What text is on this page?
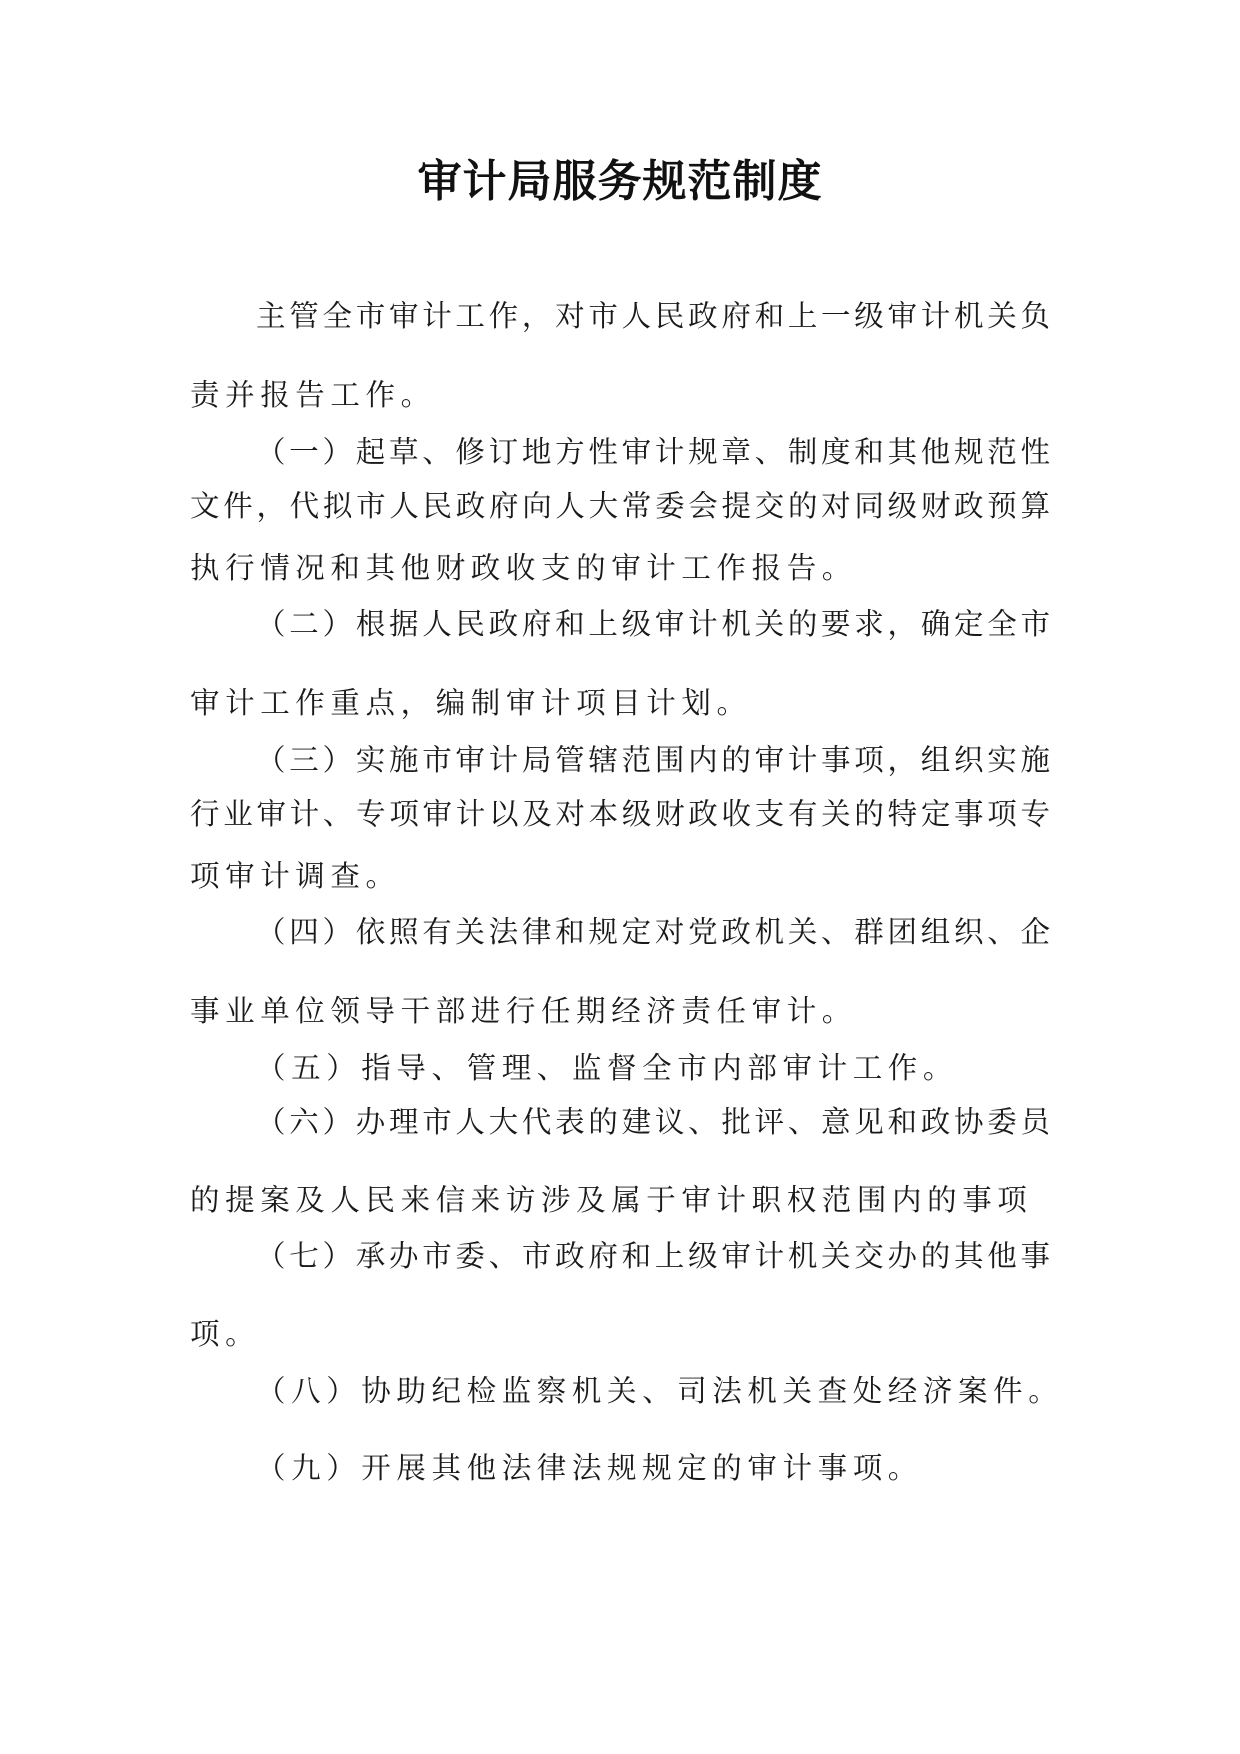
审计局服务规范制度
主管全市审计工作，对市人民政府和上一级审计机关负
责并报告工作。
（一）起草、修订地方性审计规章、制度和其他规范性
文件，代拟市人民政府向人大常委会提交的对同级财政预算
执行情况和其他财政收支的审计工作报告。
（二）根据人民政府和上级审计机关的要求，确定全市
审计工作重点，编制审计项目计划。
（三）实施市审计局管辖范围内的审计事项，组织实施
行业审计、专项审计以及对本级财政收支有关的特定事项专
项审计调查。
（四）依照有关法律和规定对党政机关、群团组织、企
事业单位领导干部进行任期经济责任审计。
（五）指导、管理、监督全市内部审计工作。
（六）办理市人大代表的建议、批评、意见和政协委员
的提案及人民来信来访涉及属于审计职权范围内的事项
（七）承办市委、市政府和上级审计机关交办的其他事
项。
（八）协助纪检监察机关、司法机关查处经济案件。
（九）开展其他法律法规规定的审计事项。
